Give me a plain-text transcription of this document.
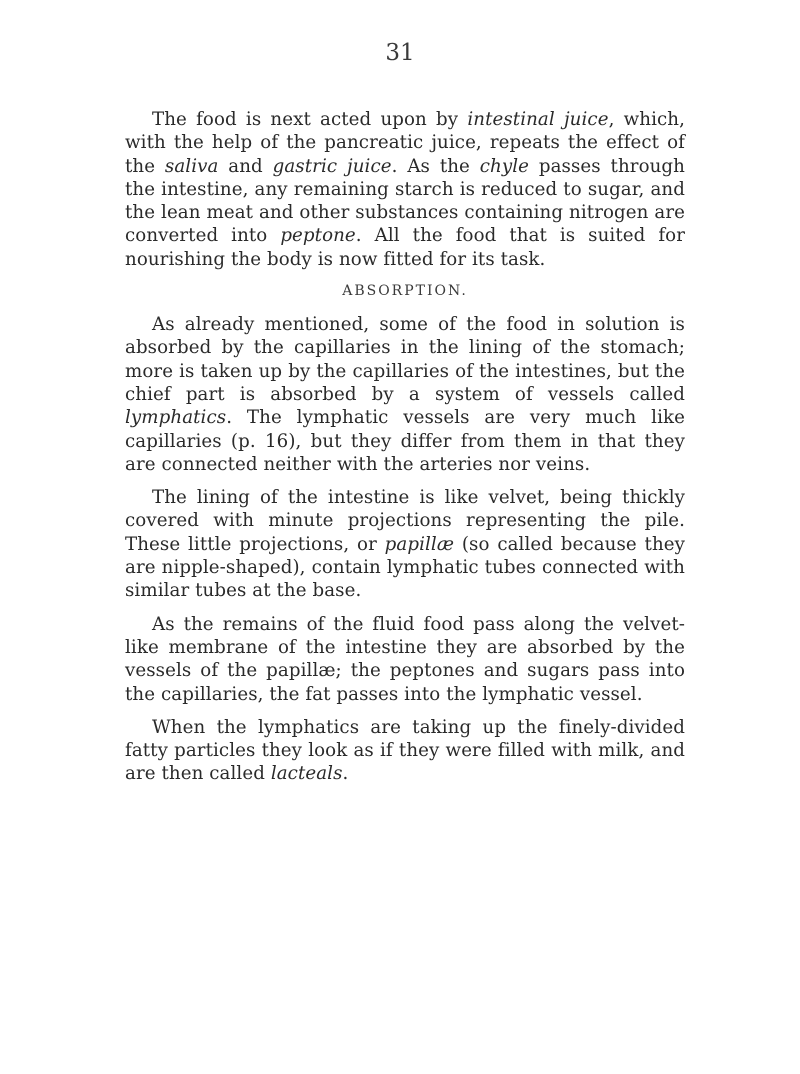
31

The food is next acted upon by intestinal juice, which, with the help of the pancreatic juice, repeats the effect of the saliva and gastric juice. As the chyle passes through the intestine, any remaining starch is reduced to sugar, and the lean meat and other substances containing nitrogen are converted into peptone. All the food that is suited for nourishing the body is now fitted for its task.

ABSORPTION.

As already mentioned, some of the food in solution is absorbed by the capillaries in the lining of the stomach; more is taken up by the capillaries of the intestines, but the chief part is absorbed by a system of vessels called lymphatics. The lymphatic vessels are very much like capillaries (p. 16), but they differ from them in that they are connected neither with the arteries nor veins.

The lining of the intestine is like velvet, being thickly covered with minute projections representing the pile. These little projections, or papillæ (so called because they are nipple-shaped), contain lymphatic tubes connected with similar tubes at the base.

As the remains of the fluid food pass along the velvet-like membrane of the intestine they are absorbed by the vessels of the papillæ; the peptones and sugars pass into the capillaries, the fat passes into the lymphatic vessel.

When the lymphatics are taking up the finely-divided fatty particles they look as if they were filled with milk, and are then called lacteals.
